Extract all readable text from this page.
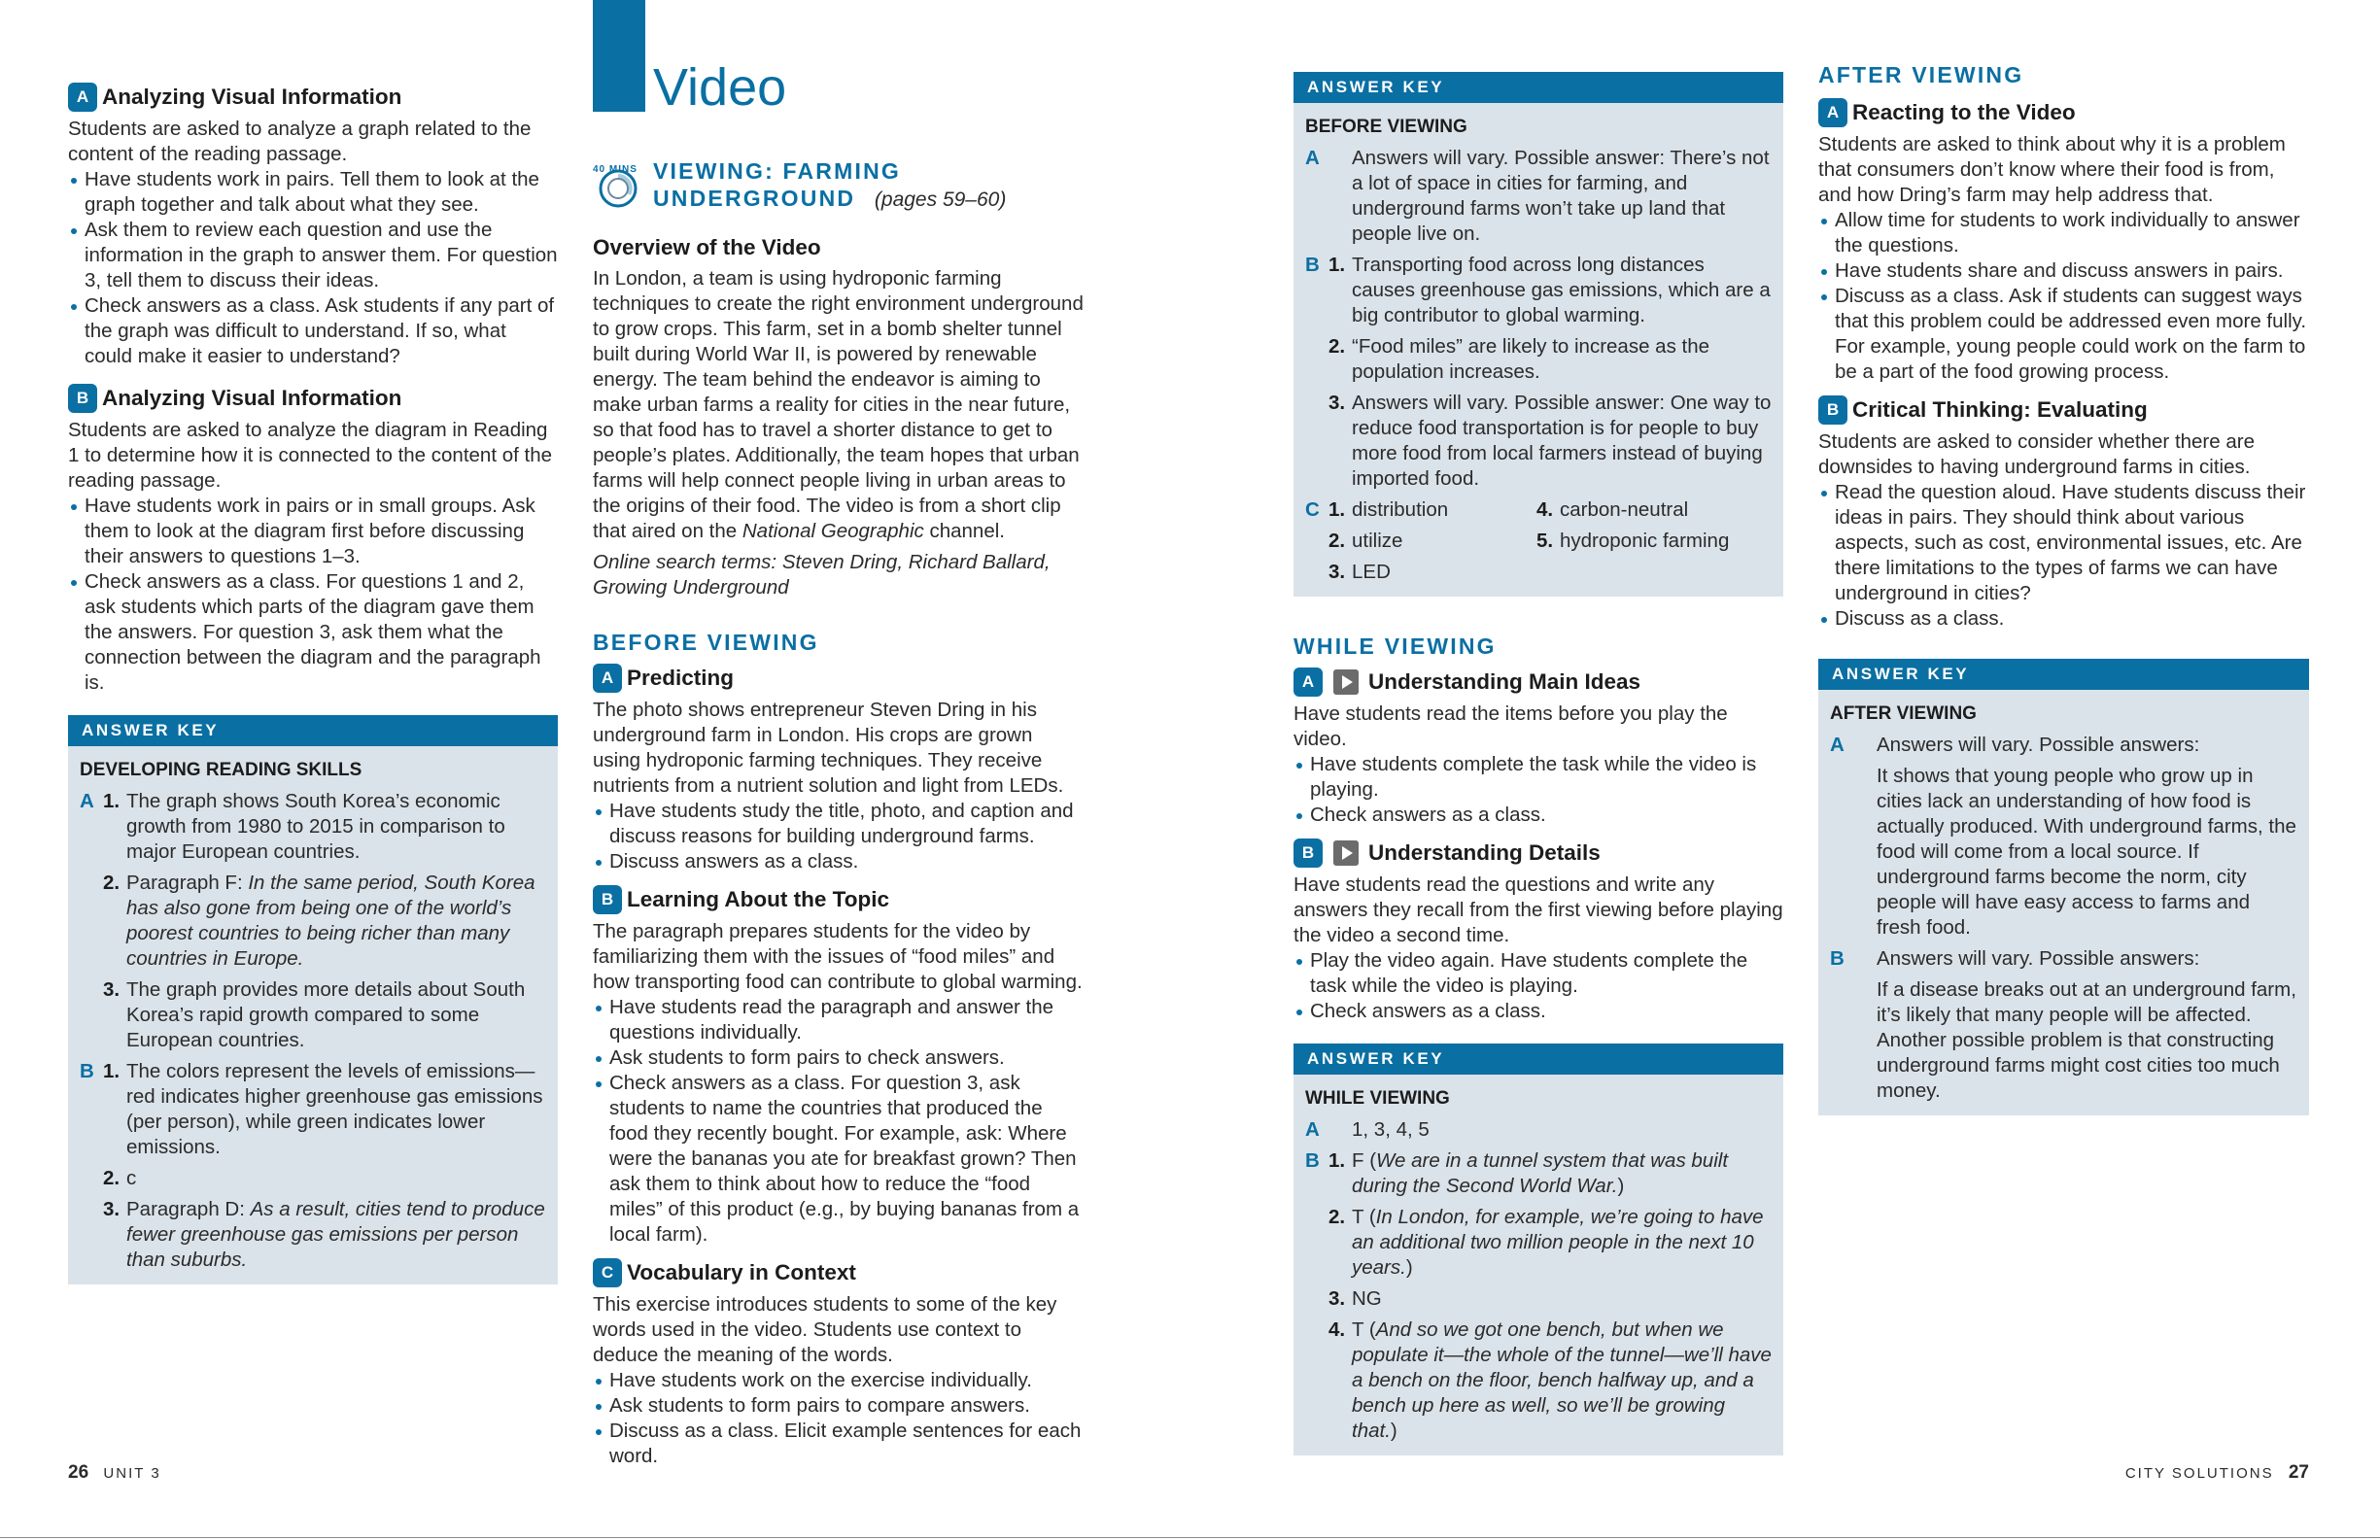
A Analyzing Visual Information

Students are asked to analyze a graph related to the content of the reading passage.

Have students work in pairs. Tell them to look at the graph together and talk about what they see.
Ask them to review each question and use the information in the graph to answer them. For question 3, tell them to discuss their ideas.
Check answers as a class. Ask students if any part of the graph was difficult to understand. If so, what could make it easier to understand?
B Analyzing Visual Information

Students are asked to analyze the diagram in Reading 1 to determine how it is connected to the content of the reading passage.

Have students work in pairs or in small groups. Ask them to look at the diagram first before discussing their answers to questions 1–3.
Check answers as a class. For questions 1 and 2, ask students which parts of the diagram gave them the answers. For question 3, ask them what the connection between the diagram and the paragraph is.
ANSWER KEY
DEVELOPING READING SKILLS
A 1. The graph shows South Korea’s economic growth from 1980 to 2015 in comparison to major European countries.
2. Paragraph F: In the same period, South Korea has also gone from being one of the world’s poorest countries to being richer than many countries in Europe.
3. The graph provides more details about South Korea’s rapid growth compared to some European countries.
B 1. The colors represent the levels of emissions—red indicates higher greenhouse gas emissions (per person), while green indicates lower emissions.
2. c
3. Paragraph D: As a result, cities tend to produce fewer greenhouse gas emissions per person than suburbs.
26 UNIT 3
Video
40 MINS VIEWING: FARMING
UNDERGROUND (pages 59–60)
Overview of the Video

In London, a team is using hydroponic farming techniques to create the right environment underground to grow crops. This farm, set in a bomb shelter tunnel built during World War II, is powered by renewable energy. The team behind the endeavor is aiming to make urban farms a reality for cities in the near future, so that food has to travel a shorter distance to get to people’s plates. Additionally, the team hopes that urban farms will help connect people living in urban areas to the origins of their food. The video is from a short clip that aired on the National Geographic channel.

Online search terms: Steven Dring, Richard Ballard, Growing Underground

BEFORE VIEWING
A Predicting

The photo shows entrepreneur Steven Dring in his underground farm in London. His crops are grown using hydroponic farming techniques. They receive nutrients from a nutrient solution and light from LEDs.

Have students study the title, photo, and caption and discuss reasons for building underground farms.
Discuss answers as a class.
B Learning About the Topic

The paragraph prepares students for the video by familiarizing them with the issues of “food miles” and how transporting food can contribute to global warming.

Have students read the paragraph and answer the questions individually.
Ask students to form pairs to check answers.
Check answers as a class. For question 3, ask students to name the countries that produced the food they recently bought. For example, ask: Where were the bananas you ate for breakfast grown? Then ask them to think about how to reduce the “food miles” of this product (e.g., by buying bananas from a local farm).
C Vocabulary in Context

This exercise introduces students to some of the key words used in the video. Students use context to deduce the meaning of the words.

Have students work on the exercise individually.
Ask students to form pairs to compare answers.
Discuss as a class. Elicit example sentences for each word.
ANSWER KEY
BEFORE VIEWING
A	Answers will vary. Possible answer: There’s not a lot of space in cities for farming, and underground farms won’t take up land that people live on.
B 1. Transporting food across long distances causes greenhouse gas emissions, which are a big contributor to global warming.
2. “Food miles” are likely to increase as the population increases.
3. Answers will vary. Possible answer: One way to reduce food transportation is for people to buy more food from local farmers instead of buying imported food.
C 1. distribution	4. carbon-neutral
2. utilize	5. hydroponic farming
3. LED
WHILE VIEWING
A	Understanding Main Ideas

Have students read the items before you play the video.

Have students complete the task while the video is playing.
Check answers as a class.
B	Understanding Details

Have students read the questions and write any answers they recall from the first viewing before playing the video a second time.

Play the video again. Have students complete the task while the video is playing.
Check answers as a class.
ANSWER KEY
WHILE VIEWING
A	1, 3, 4, 5
B 1. F (We are in a tunnel system that was built during the Second World War.)
2. T (In London, for example, we’re going to have an additional two million people in the next 10 years.)
3. NG
4. T (And so we got one bench, but when we populate it—the whole of the tunnel—we’ll have a bench on the floor, bench halfway up, and a bench up here as well, so we’ll be growing that.)
AFTER VIEWING
A Reacting to the Video

Students are asked to think about why it is a problem that consumers don’t know where their food is from, and how Dring’s farm may help address that.

Allow time for students to work individually to answer the questions.
Have students share and discuss answers in pairs.
Discuss as a class. Ask if students can suggest ways that this problem could be addressed even more fully. For example, young people could work on the farm to be a part of the food growing process.
B Critical Thinking: Evaluating

Students are asked to consider whether there are downsides to having underground farms in cities.

Read the question aloud. Have students discuss their ideas in pairs. They should think about various aspects, such as cost, environmental issues, etc. Are there limitations to the types of farms we can have underground in cities?
Discuss as a class.
ANSWER KEY
AFTER VIEWING
A	Answers will vary. Possible answers:
It shows that young people who grow up in cities lack an understanding of how food is actually produced. With underground farms, the food will come from a local source. If underground farms become the norm, city people will have easy access to farms and fresh food.
B	Answers will vary. Possible answers:
If a disease breaks out at an underground farm, it’s likely that many people will be affected. Another possible problem is that constructing underground farms might cost cities too much money.
CITY SOLUTIONS 27
